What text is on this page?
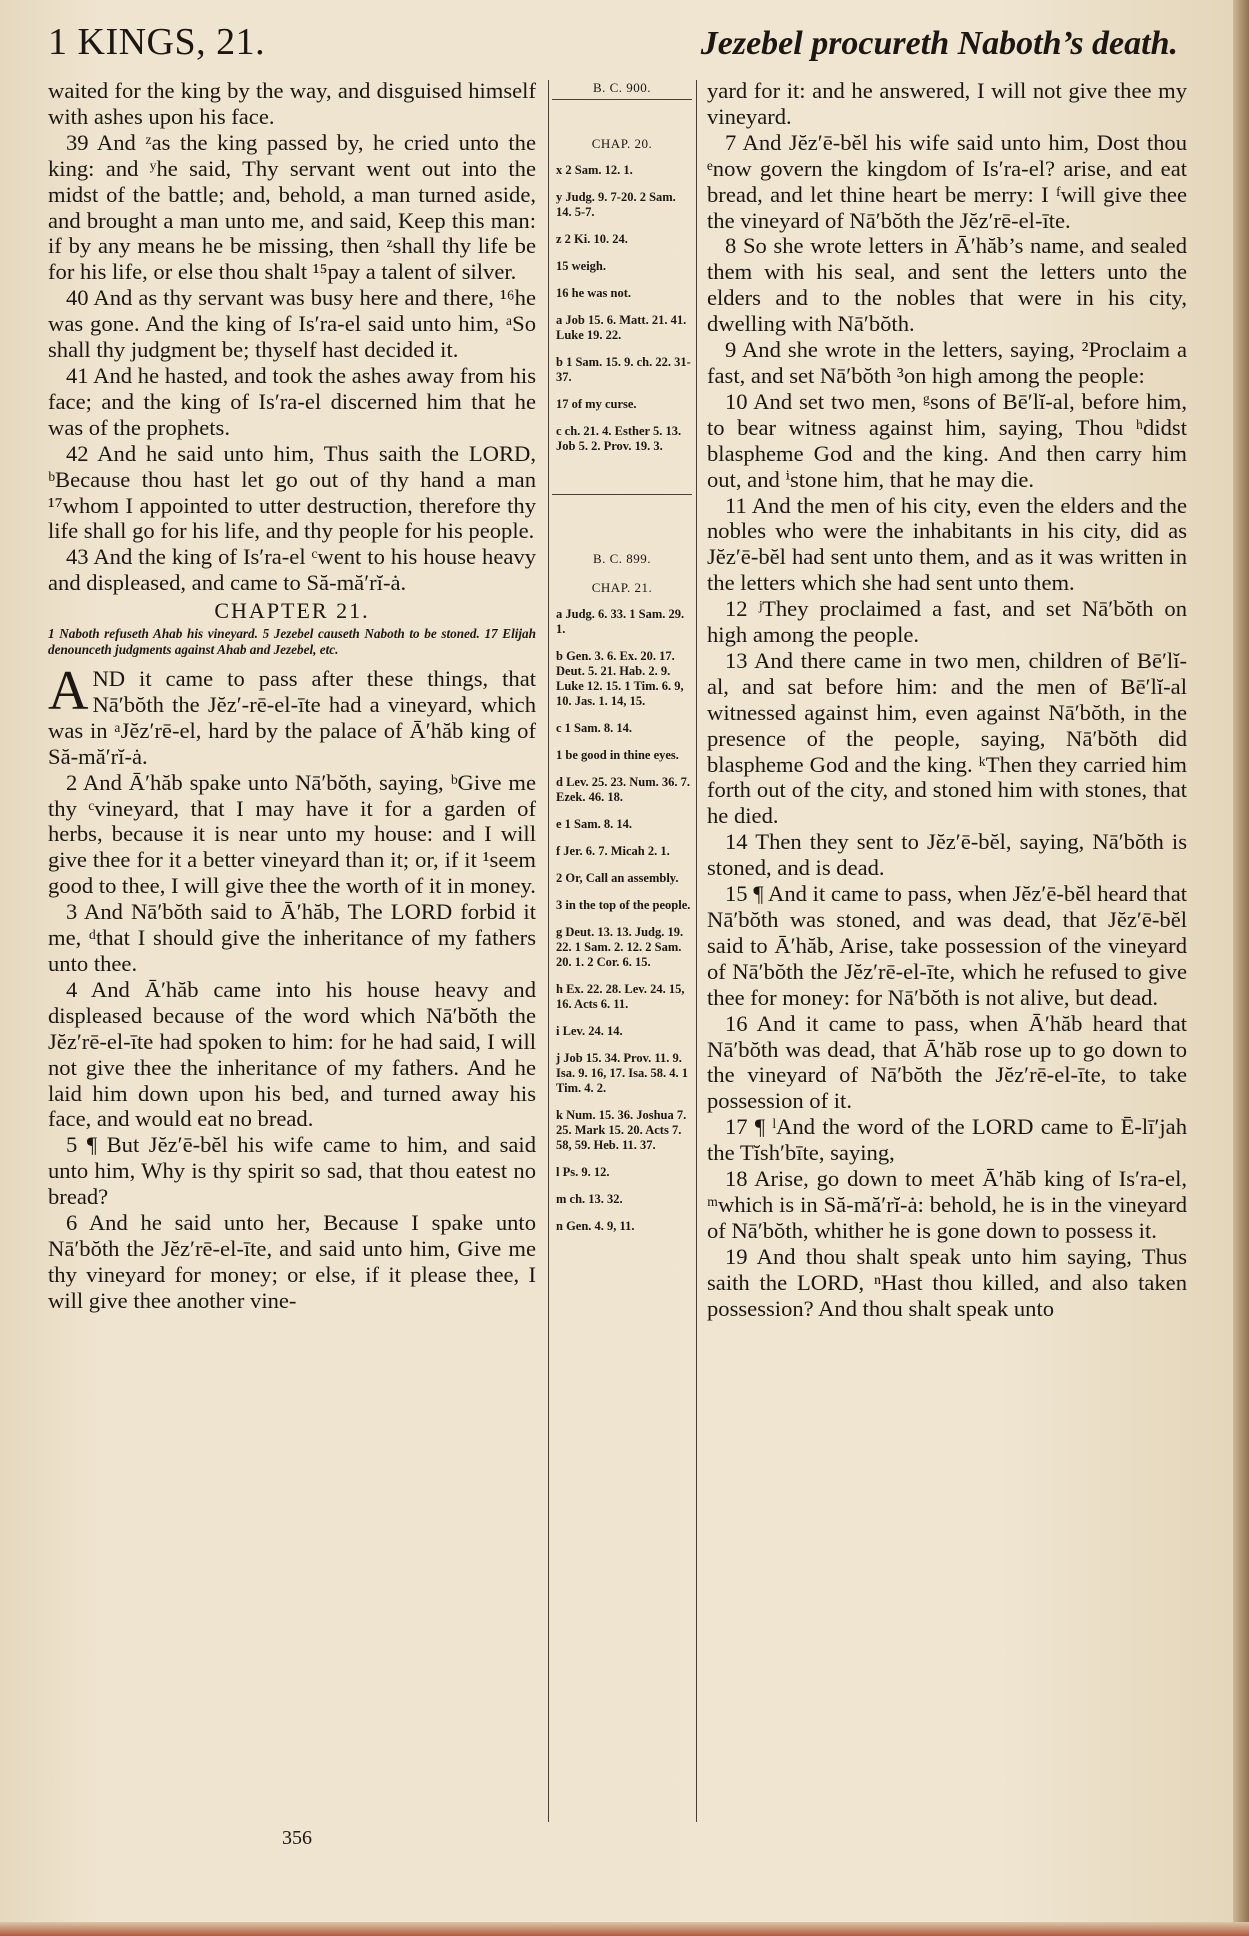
1 KINGS, 21.	Jezebel procureth Naboth’s death.

waited for the king by the way, and disguised himself with ashes upon his face.

39 And ᶻas the king passed by, he cried unto the king: and ʸhe said, Thy servant went out into the midst of the battle; and, behold, a man turned aside, and brought a man unto me, and said, Keep this man: if by any means he be missing, then ᶻshall thy life be for his life, or else thou shalt ¹⁵pay a talent of silver.

40 And as thy servant was busy here and there, ¹⁶he was gone. And the king of Is′ra-el said unto him, ᵃSo shall thy judgment be; thyself hast decided it.

41 And he hasted, and took the ashes away from his face; and the king of Is′ra-el discerned him that he was of the prophets.

42 And he said unto him, Thus saith the LORD, ᵇBecause thou hast let go out of thy hand a man ¹⁷whom I appointed to utter destruction, therefore thy life shall go for his life, and thy people for his people.

43 And the king of Is′ra-el ᶜwent to his house heavy and displeased, and came to Să-mă′rĭ-ȧ.

CHAPTER 21.
1 Naboth refuseth Ahab his vineyard. 5 Jezebel causeth Naboth to be stoned. 17 Elijah denounceth judgments against Ahab and Jezebel, etc.

A ND it came to pass after these things, that Nā′bŏth the Jĕz′-rē-el-īte had a vineyard, which was in ᵃJĕz′rē-el, hard by the palace of Ā′hăb king of Să-mă′rĭ-ȧ.

2 And Ā′hăb spake unto Nā′bŏth, saying, ᵇGive me thy ᶜvineyard, that I may have it for a garden of herbs, because it is near unto my house: and I will give thee for it a better vineyard than it; or, if it ¹seem good to thee, I will give thee the worth of it in money.

3 And Nā′bŏth said to Ā′hăb, The LORD forbid it me, ᵈthat I should give the inheritance of my fathers unto thee.

4 And Ā′hăb came into his house heavy and displeased because of the word which Nā′bŏth the Jĕz′rē-el-īte had spoken to him: for he had said, I will not give thee the inheritance of my fathers. And he laid him down upon his bed, and turned away his face, and would eat no bread.

5 ¶ But Jĕz′ē-bĕl his wife came to him, and said unto him, Why is thy spirit so sad, that thou eatest no bread?

6 And he said unto her, Because I spake unto Nā′bŏth the Jĕz′rē-el-īte, and said unto him, Give me thy vineyard for money; or else, if it please thee, I will give thee another vine-

B. C. 900.
CHAP. 20.
x 2 Sam. 12. 1.
y Judg. 9. 7-20. 2 Sam. 14. 5-7.
z 2 Ki. 10. 24.
15 weigh.
16 he was not.
a Job 15. 6. Matt. 21. 41. Luke 19. 22.
b 1 Sam. 15. 9. ch. 22. 31-37.
17 of my curse.
c ch. 21. 4. Esther 5. 13. Job 5. 2. Prov. 19. 3.
B. C. 899.
CHAP. 21.
a Judg. 6. 33. 1 Sam. 29. 1.
b Gen. 3. 6. Ex. 20. 17. Deut. 5. 21. Hab. 2. 9. Luke 12. 15. 1 Tim. 6. 9, 10. Jas. 1. 14, 15.
c 1 Sam. 8. 14.
1 be good in thine eyes.
d Lev. 25. 23. Num. 36. 7. Ezek. 46. 18.
e 1 Sam. 8. 14.
f Jer. 6. 7. Micah 2. 1.
2 Or, Call an assembly.
3 in the top of the people.
g Deut. 13. 13. Judg. 19. 22. 1 Sam. 2. 12. 2 Sam. 20. 1. 2 Cor. 6. 15.
h Ex. 22. 28. Lev. 24. 15, 16. Acts 6. 11.
i Lev. 24. 14.
j Job 15. 34. Prov. 11. 9. Isa. 9. 16, 17. Isa. 58. 4. 1 Tim. 4. 2.
k Num. 15. 36. Joshua 7. 25. Mark 15. 20. Acts 7. 58, 59. Heb. 11. 37.
l Ps. 9. 12.
m ch. 13. 32.
n Gen. 4. 9, 11.

yard for it: and he answered, I will not give thee my vineyard.

7 And Jĕz′ē-bĕl his wife said unto him, Dost thou ᵉnow govern the kingdom of Is′ra-el? arise, and eat bread, and let thine heart be merry: I ᶠwill give thee the vineyard of Nā′bŏth the Jĕz′rē-el-īte.

8 So she wrote letters in Ā′hăb’s name, and sealed them with his seal, and sent the letters unto the elders and to the nobles that were in his city, dwelling with Nā′bŏth.

9 And she wrote in the letters, saying, ²Proclaim a fast, and set Nā′bŏth ³on high among the people:

10 And set two men, ᵍsons of Bē′lĭ-al, before him, to bear witness against him, saying, Thou ʰdidst blaspheme God and the king. And then carry him out, and ⁱstone him, that he may die.

11 And the men of his city, even the elders and the nobles who were the inhabitants in his city, did as Jĕz′ē-bĕl had sent unto them, and as it was written in the letters which she had sent unto them.

12 ʲThey proclaimed a fast, and set Nā′bŏth on high among the people.

13 And there came in two men, children of Bē′lĭ-al, and sat before him: and the men of Bē′lĭ-al witnessed against him, even against Nā′bŏth, in the presence of the people, saying, Nā′bŏth did blaspheme God and the king. ᵏThen they carried him forth out of the city, and stoned him with stones, that he died.

14 Then they sent to Jĕz′ē-bĕl, saying, Nā′bŏth is stoned, and is dead.

15 ¶ And it came to pass, when Jĕz′ē-bĕl heard that Nā′bŏth was stoned, and was dead, that Jĕz′ē-bĕl said to Ā′hăb, Arise, take possession of the vineyard of Nā′bŏth the Jĕz′rē-el-īte, which he refused to give thee for money: for Nā′bŏth is not alive, but dead.

16 And it came to pass, when Ā′hăb heard that Nā′bŏth was dead, that Ā′hăb rose up to go down to the vineyard of Nā′bŏth the Jĕz′rē-el-īte, to take possession of it.

17 ¶ ˡAnd the word of the LORD came to Ē-lī′jah the Tĭsh′bīte, saying,

18 Arise, go down to meet Ā′hăb king of Is′ra-el, ᵐwhich is in Să-mă′rĭ-ȧ: behold, he is in the vineyard of Nā′bŏth, whither he is gone down to possess it.

19 And thou shalt speak unto him saying, Thus saith the LORD, ⁿHast thou killed, and also taken possession? And thou shalt speak unto

356
